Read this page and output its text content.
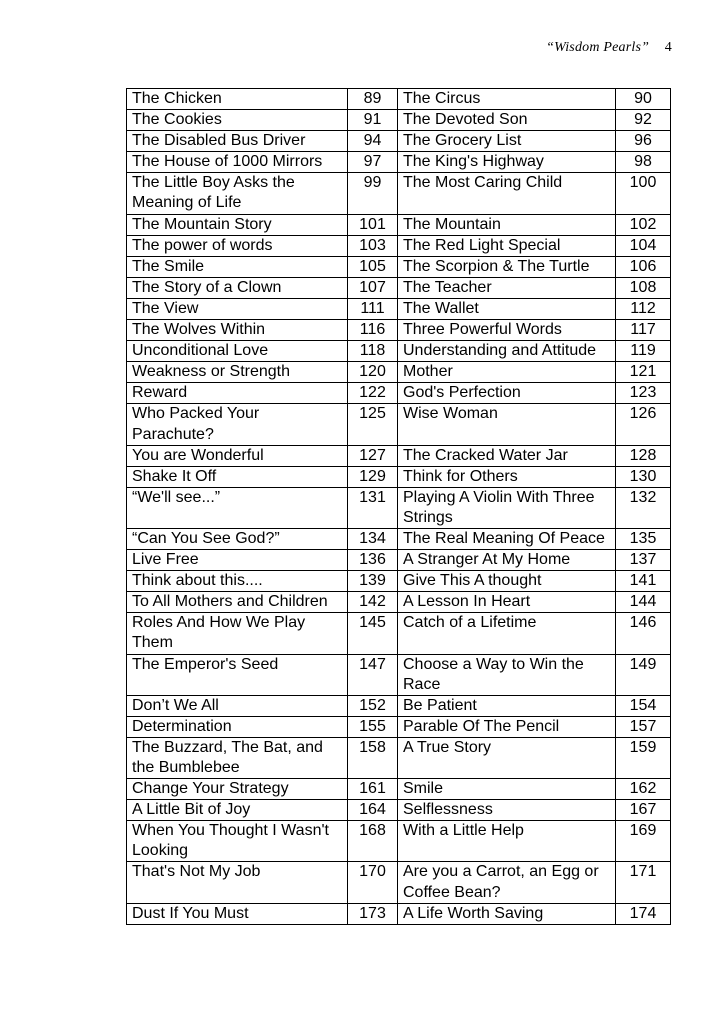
“Wisdom Pearls” 4
The Chicken	89	The Circus	90
The Cookies	91	The Devoted Son	92
The Disabled Bus Driver	94	The Grocery List	96
The House of 1000 Mirrors	97	The King's Highway	98
The Little Boy Asks the Meaning of Life	99	The Most Caring Child	100
The Mountain Story	101	The Mountain	102
The power of words	103	The Red Light Special	104
The Smile	105	The Scorpion & The Turtle	106
The Story of a Clown	107	The Teacher	108
The View	111	The Wallet	112
The Wolves Within	116	Three Powerful Words	117
Unconditional Love	118	Understanding and Attitude	119
Weakness or Strength	120	Mother	121
Reward	122	God's Perfection	123
Who Packed Your Parachute?	125	Wise Woman	126
You are Wonderful	127	The Cracked Water Jar	128
Shake It Off	129	Think for Others	130
“We'll see...”	131	Playing A Violin With Three Strings	132
“Can You See God?”	134	The Real Meaning Of Peace	135
Live Free	136	A Stranger At My Home	137
Think about this....	139	Give This A thought	141
To All Mothers and Children	142	A Lesson In Heart	144
Roles And How We Play Them	145	Catch of a Lifetime	146
The Emperor's Seed	147	Choose a Way to Win the Race	149
Don’t We All	152	Be Patient	154
Determination	155	Parable Of The Pencil	157
The Buzzard, The Bat, and the Bumblebee	158	A True Story	159
Change Your Strategy	161	Smile	162
A Little Bit of Joy	164	Selflessness	167
When You Thought I Wasn't Looking	168	With a Little Help	169
That's Not My Job	170	Are you a Carrot, an Egg or Coffee Bean?	171
Dust If You Must	173	A Life Worth Saving	174
